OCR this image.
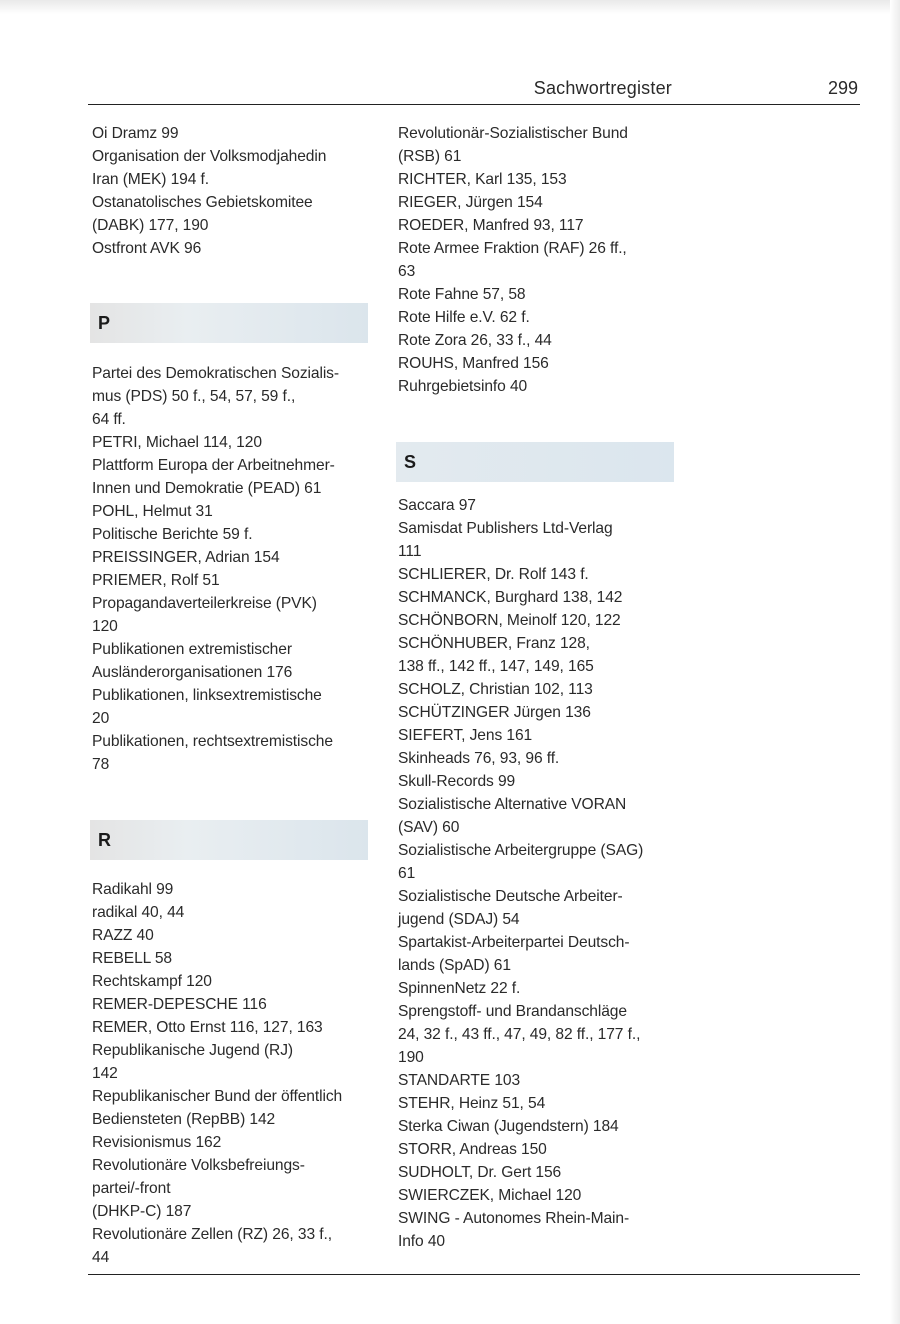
Sachwortregister	299
Oi Dramz 99
Organisation der Volksmodjahedin
Iran (MEK) 194 f.
Ostanatolisches Gebietskomitee
(DABK) 177, 190
Ostfront AVK 96
P
Partei des Demokratischen Sozialis-
mus (PDS) 50 f., 54, 57, 59 f.,
64 ff.
PETRI, Michael 114, 120
Plattform Europa der Arbeitnehmer-
Innen und Demokratie (PEAD) 61
POHL, Helmut 31
Politische Berichte 59 f.
PREISSINGER, Adrian 154
PRIEMER, Rolf 51
Propagandaverteilerkreise (PVK)
120
Publikationen extremistischer
Ausländerorganisationen 176
Publikationen, linksextremistische
20
Publikationen, rechtsextremistische
78
R
Radikahl 99
radikal 40, 44
RAZZ 40
REBELL 58
Rechtskampf 120
REMER-DEPESCHE 116
REMER, Otto Ernst 116, 127, 163
Republikanische Jugend (RJ)
142
Republikanischer Bund der öffentlich
Bediensteten (RepBB) 142
Revisionismus 162
Revolutionäre Volksbefreiungs-
partei/-front
(DHKP-C) 187
Revolutionäre Zellen (RZ) 26, 33 f.,
44
Revolutionär-Sozialistischer Bund
(RSB) 61
RICHTER, Karl 135, 153
RIEGER, Jürgen 154
ROEDER, Manfred 93, 117
Rote Armee Fraktion (RAF) 26 ff.,
63
Rote Fahne 57, 58
Rote Hilfe e.V. 62 f.
Rote Zora 26, 33 f., 44
ROUHS, Manfred 156
Ruhrgebietsinfo 40
S
Saccara 97
Samisdat Publishers Ltd-Verlag
111
SCHLIERER, Dr. Rolf 143 f.
SCHMANCK, Burghard 138, 142
SCHÖNBORN, Meinolf 120, 122
SCHÖNHUBER, Franz 128,
138 ff., 142 ff., 147, 149, 165
SCHOLZ, Christian 102, 113
SCHÜTZINGER Jürgen 136
SIEFERT, Jens 161
Skinheads 76, 93, 96 ff.
Skull-Records 99
Sozialistische Alternative VORAN
(SAV) 60
Sozialistische Arbeitergruppe (SAG)
61
Sozialistische Deutsche Arbeiter-
jugend (SDAJ) 54
Spartakist-Arbeiterpartei Deutsch-
lands (SpAD) 61
SpinnenNetz 22 f.
Sprengstoff- und Brandanschläge
24, 32 f., 43 ff., 47, 49, 82 ff., 177 f.,
190
STANDARTE 103
STEHR, Heinz 51, 54
Sterka Ciwan (Jugendstern) 184
STORR, Andreas 150
SUDHOLT, Dr. Gert 156
SWIERCZEK, Michael 120
SWING - Autonomes Rhein-Main-
Info 40
